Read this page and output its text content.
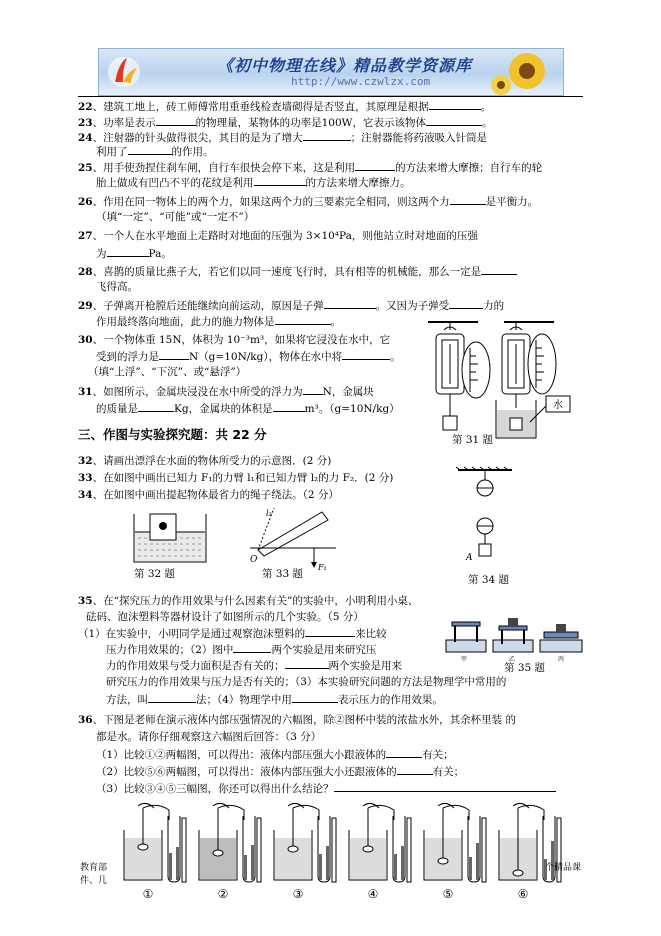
《初中物理在线》精品教学资源库
http://www.czwlzx.com
22、建筑工地上，砖工师傅常用重垂线检查墙砌得是否竖直，其原理是根据	。
23、功率是表示	的物理量，某物体的功率是100W，它表示该物体	。
24、注射器的针头做得很尖，其目的是为了增大	；注射器能将药液吸入针筒是
利用了	的作用。
25、用手使劲捏住刹车闸，自行车很快会停下来，这是利用	的方法来增大摩擦；自行车的轮
胎上做成有凹凸不平的花纹是利用	的方法来增大摩擦力。
26、作用在同一物体上的两个力，如果这两个力的三要素完全相同，则这两个力	是平衡力。
（填“一定”、“可能”或“一定不”）
27、一个人在水平地面上走路时对地面的压强为 3×10⁴Pa，则他站立时对地面的压强
为	Pa。
28、喜鹊的质量比燕子大，若它们以同一速度飞行时，具有相等的机械能，那么一定是
飞得高。
29、子弹离开枪膛后还能继续向前运动，原因是子弹	。又因为子弹受	力的
作用最终落向地面，此力的施力物体是	。
30、一个物体重 15N，体积为 10⁻³m³，如果将它浸没在水中，它
受到的浮力是	N（g=10N/kg），物体在水中将	。
（填“上浮”、“下沉”、或“悬浮”）
31、如图所示，金属块浸没在水中所受的浮力为 N，金属块
的质量是	Kg，金属块的体积是	m³。（g=10N/kg）	水
第 31 题
三、作图与实验探究题：共 22 分
32、请画出漂浮在水面的物体所受力的示意图．(2 分)
33、在如图中画出已知力 F₁的力臂 l₁和已知力臂 l₂的力 F₂．(2 分)
34、在如图中画出提起物体最省力的绳子绕法。（2 分）
第 32 题
O
l₂
F₁
第 33 题
A
第 34 题
35、在“探究压力的作用效果与什么因素有关”的实验中，小明利用小桌、
砝码、泡沫塑料等器材设计了如图所示的几个实验。（5 分）
（1）在实验中，小明同学是通过观察泡沫塑料的	来比较
压力作用效果的；（2）图中	两个实验是用来研究压
力的作用效果与受力面积是否有关的；	两个实验是用来
研究压力的作用效果与压力是否有关的；（3）本实验研究问题的方法是物理学中常用的
方法，叫	法；（4）物理学中用	表示压力的作用效果。
甲	乙	丙
第 35 题
36、下图是老师在演示液体内部压强情况的六幅图，除②图杯中装的浓盐水外，其余杯里装 的
都是水。请你仔细观察这六幅图后回答：（3 分）
（1）比较①②两幅图，可以得出：液体内部压强大小跟液体的	有关；
（2）比较⑤⑥两幅图，可以得出：液体内部压强大小还跟液体的	有关；
（3）比较③④⑤三幅图，你还可以得出什么结论？
①	②	③	④	⑤	⑥
教育部
件、几
个精品课
